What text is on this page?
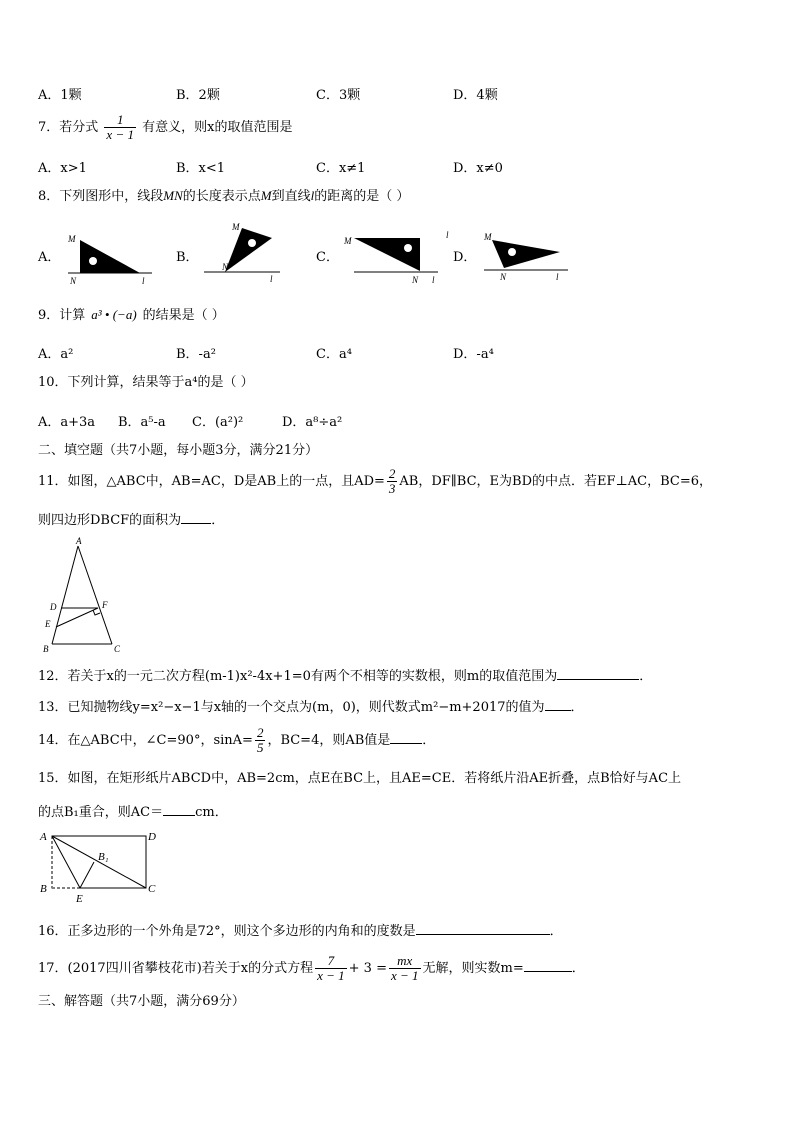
A．1颗	B．2颗	C．3颗	D．4颗
7．若分式 $\frac{1}{x - 1}$ 有意义，则x的取值范围是
A．x>1	B．x<1	C．x≠1	D．x≠0
8．下列图形中，线段MN的长度表示点M到直线l的距离的是（ ）
A．	B．	C．	D．
M
N	l
M
N
l
M
N l
l	M
N	l
9．计算 a³ • (−a) 的结果是（ ）
A．a²	B．-a²	C．a⁴	D．-a⁴
10．下列计算，结果等于a⁴的是（ ）
A．a+3a B．a⁵-a C．(a²)²	D．a⁸÷a²
二、填空题（共7小题，每小题3分，满分21分）
11．如图，△ABC中，AB=AC，D是AB上的一点，且$AD= \frac{2}{3}$ AB，DF∥BC，E为BD的中点．若EF⊥AC，BC=6，
则四边形DBCF的面积为 ．
A
D	F
E
B	C
12．若关于x的一元二次方程(m-1)x²-4x+1=0有两个不相等的实数根，则m的取值范围为	．
13．已知抛物线y=x²−x−1与x轴的一个交点为(m，0)，则代数式m²−m+2017的值为 ．
14．在△ABC中，∠C=90°，$\sin A= \frac{2}{5}$ ，BC=4，则AB值是 ．
15．如图，在矩形纸片ABCD中，AB=2cm，点E在BC上，且AE=CE．若将纸片沿AE折叠，点B恰好与AC上
的点B₁重合，则AC＝ cm．
A	D
B₁
B
E
C
16．正多边形的一个外角是72°，则这个多边形的内角和的度数是	．
17．(2017四川省攀枝花市)若关于x的分式方程 $\frac{7}{x - 1} + 3 = \frac{mx}{x - 1}$ 无解，则实数m=	．
三、解答题（共7小题，满分69分）
